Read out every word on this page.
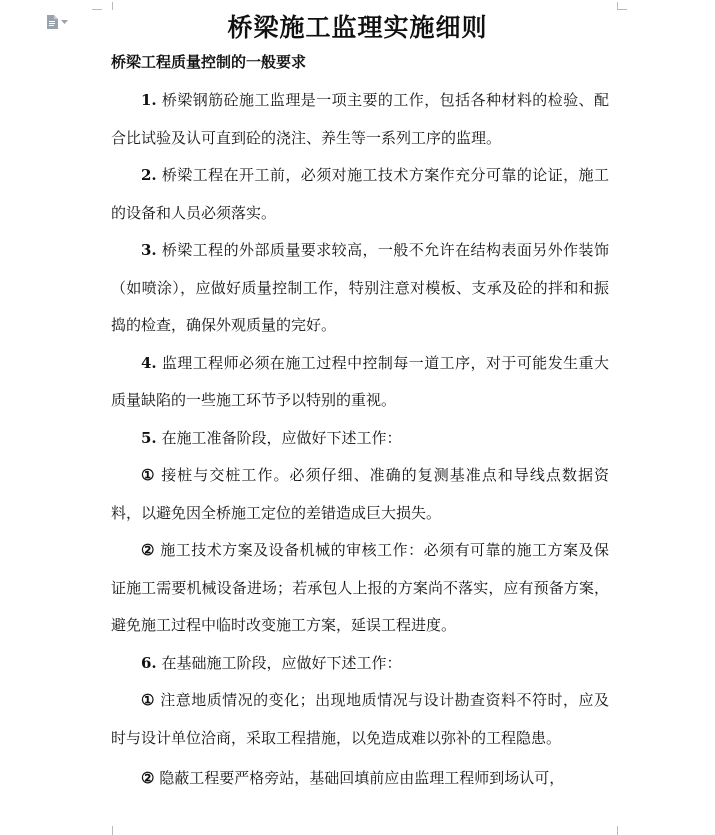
桥梁施工监理实施细则
桥梁工程质量控制的一般要求

1. 桥梁钢筋砼施工监理是一项主要的工作，包括各种材料的检验、配合比试验及认可直到砼的浇注、养生等一系列工序的监理。

2. 桥梁工程在开工前，必须对施工技术方案作充分可靠的论证，施工的设备和人员必须落实。

3. 桥梁工程的外部质量要求较高，一般不允许在结构表面另外作装饰（如喷涂），应做好质量控制工作，特别注意对模板、支承及砼的拌和和振捣的检查，确保外观质量的完好。

4. 监理工程师必须在施工过程中控制每一道工序，对于可能发生重大质量缺陷的一些施工环节予以特别的重视。

5. 在施工准备阶段，应做好下述工作：

① 接桩与交桩工作。必须仔细、准确的复测基准点和导线点数据资料，以避免因全桥施工定位的差错造成巨大损失。

② 施工技术方案及设备机械的审核工作：必须有可靠的施工方案及保证施工需要机械设备进场；若承包人上报的方案尚不落实，应有预备方案，避免施工过程中临时改变施工方案，延误工程进度。

6. 在基础施工阶段，应做好下述工作：

① 注意地质情况的变化；出现地质情况与设计勘查资料不符时，应及时与设计单位洽商，采取工程措施，以免造成难以弥补的工程隐患。

② 隐蔽工程要严格旁站，基础回填前应由监理工程师到场认可，
